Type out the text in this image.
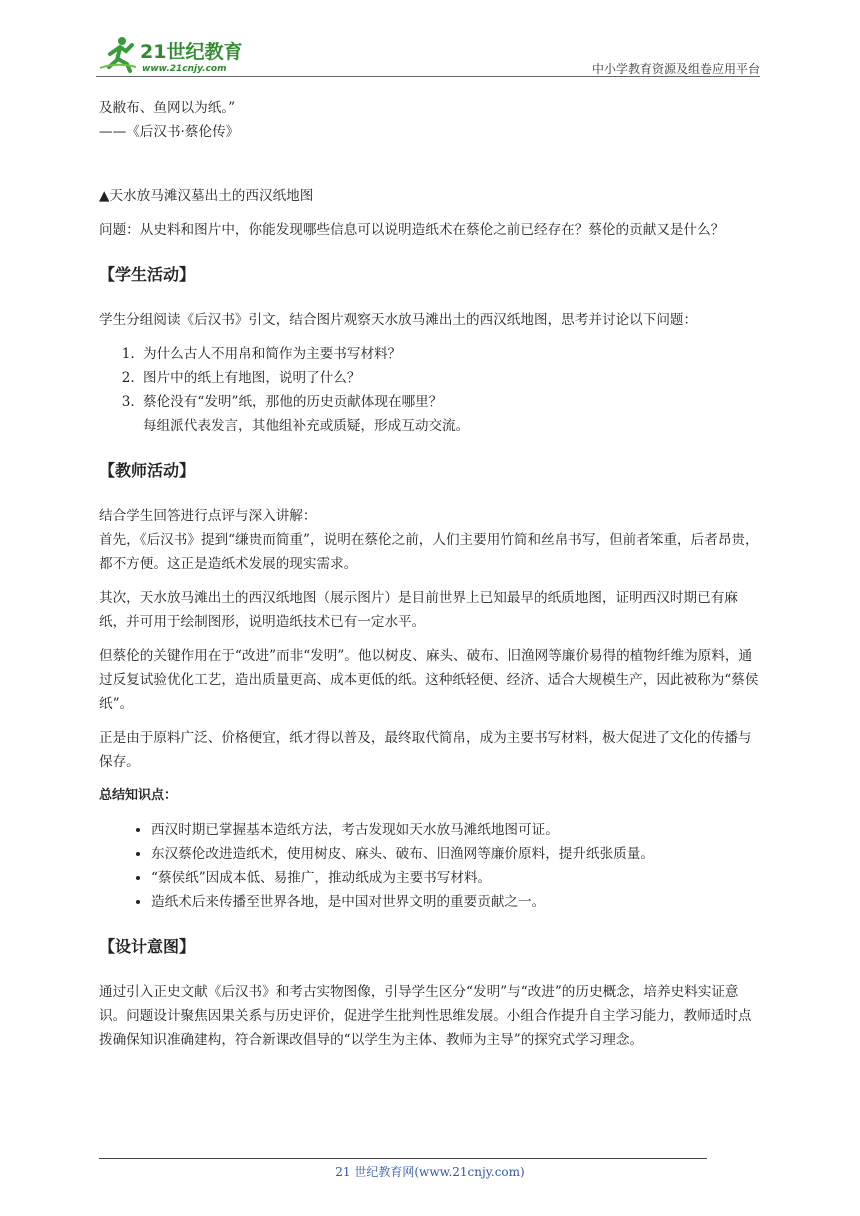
21世纪教育
www.21cnjy.com	中小学教育资源及组卷应用平台

及敝布、鱼网以为纸。”

——《后汉书·蔡伦传》

▲天水放马滩汉墓出土的西汉纸地图

问题：从史料和图片中，你能发现哪些信息可以说明造纸术在蔡伦之前已经存在？蔡伦的贡献又是什么？

【学生活动】

学生分组阅读《后汉书》引文，结合图片观察天水放马滩出土的西汉纸地图，思考并讨论以下问题：

1. 为什么古人不用帛和简作为主要书写材料？
2. 图片中的纸上有地图，说明了什么？
3. 蔡伦没有“发明”纸，那他的历史贡献体现在哪里？

每组派代表发言，其他组补充或质疑，形成互动交流。

【教师活动】

结合学生回答进行点评与深入讲解：

首先，《后汉书》提到“缣贵而简重”，说明在蔡伦之前，人们主要用竹简和丝帛书写，但前者笨重，后者昂贵，都不方便。这正是造纸术发展的现实需求。

其次，天水放马滩出土的西汉纸地图（展示图片）是目前世界上已知最早的纸质地图，证明西汉时期已有麻纸，并可用于绘制图形，说明造纸技术已有一定水平。

但蔡伦的关键作用在于“改进”而非“发明”。他以树皮、麻头、破布、旧渔网等廉价易得的植物纤维为原料，通过反复试验优化工艺，造出质量更高、成本更低的纸。这种纸轻便、经济、适合大规模生产，因此被称为“蔡侯纸”。

正是由于原料广泛、价格便宜，纸才得以普及，最终取代简帛，成为主要书写材料，极大促进了文化的传播与保存。

总结知识点：

• 西汉时期已掌握基本造纸方法，考古发现如天水放马滩纸地图可证。
• 东汉蔡伦改进造纸术，使用树皮、麻头、破布、旧渔网等廉价原料，提升纸张质量。
• “蔡侯纸”因成本低、易推广，推动纸成为主要书写材料。
• 造纸术后来传播至世界各地，是中国对世界文明的重要贡献之一。

【设计意图】

通过引入正史文献《后汉书》和考古实物图像，引导学生区分“发明”与“改进”的历史概念，培养史料实证意识。问题设计聚焦因果关系与历史评价，促进学生批判性思维发展。小组合作提升自主学习能力，教师适时点拨确保知识准确建构，符合新课改倡导的“以学生为主体、教师为主导”的探究式学习理念。

21 世纪教育网(www.21cnjy.com)
